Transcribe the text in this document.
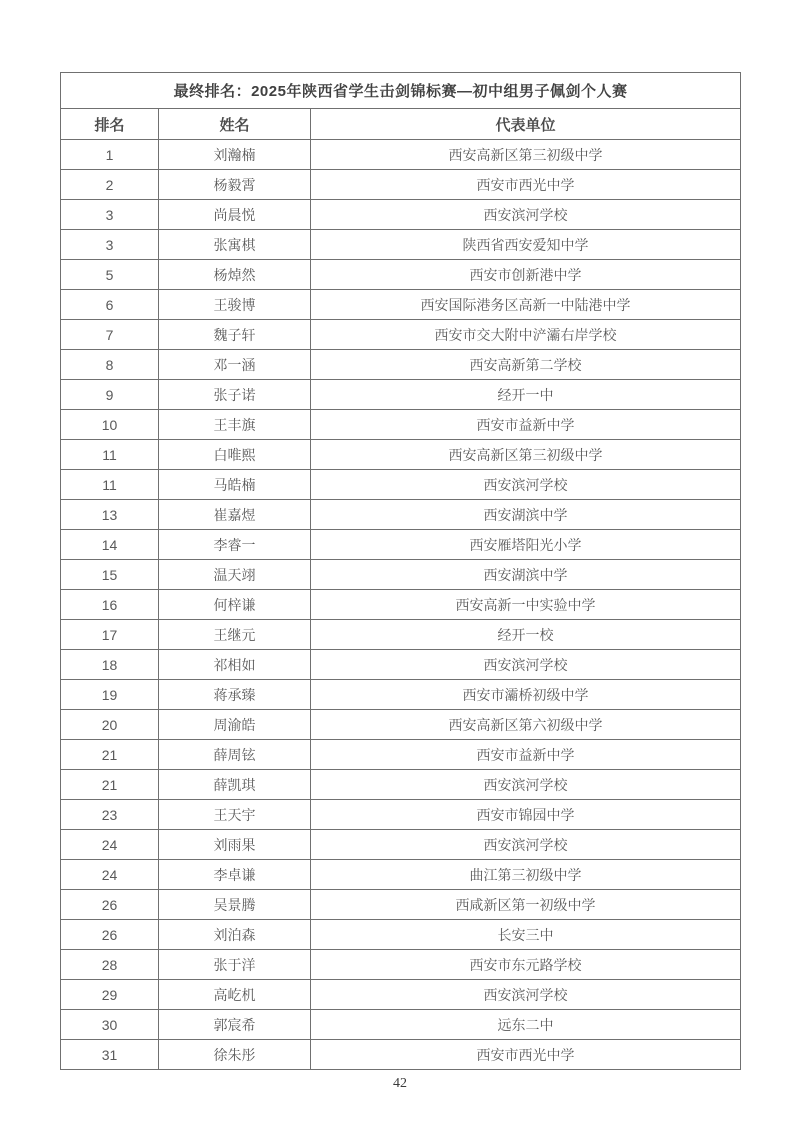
最终排名：2025年陕西省学生击剑锦标赛—初中组男子佩剑个人赛		
排名	姓名	代表单位
1	刘瀚楠	西安高新区第三初级中学
2	杨毅霄	西安市西光中学
3	尚晨悦	西安滨河学校
3	张寓棋	陕西省西安爱知中学
5	杨焯然	西安市创新港中学
6	王骏博	西安国际港务区高新一中陆港中学
7	魏子轩	西安市交大附中浐灞右岸学校
8	邓一涵	西安高新第二学校
9	张子诺	经开一中
10	王丰旗	西安市益新中学
11	白唯熙	西安高新区第三初级中学
11	马皓楠	西安滨河学校
13	崔嘉煜	西安湖滨中学
14	李睿一	西安雁塔阳光小学
15	温天翊	西安湖滨中学
16	何梓谦	西安高新一中实验中学
17	王继元	经开一校
18	祁相如	西安滨河学校
19	蒋承臻	西安市灞桥初级中学
20	周渝皓	西安高新区第六初级中学
21	薛周铉	西安市益新中学
21	薛凯琪	西安滨河学校
23	王天宇	西安市锦园中学
24	刘雨果	西安滨河学校
24	李卓谦	曲江第三初级中学
26	吴景腾	西咸新区第一初级中学
26	刘泊森	长安三中
28	张于洋	西安市东元路学校
29	高屹机	西安滨河学校
30	郭宸希	远东二中
31	徐朱彤	西安市西光中学
42
